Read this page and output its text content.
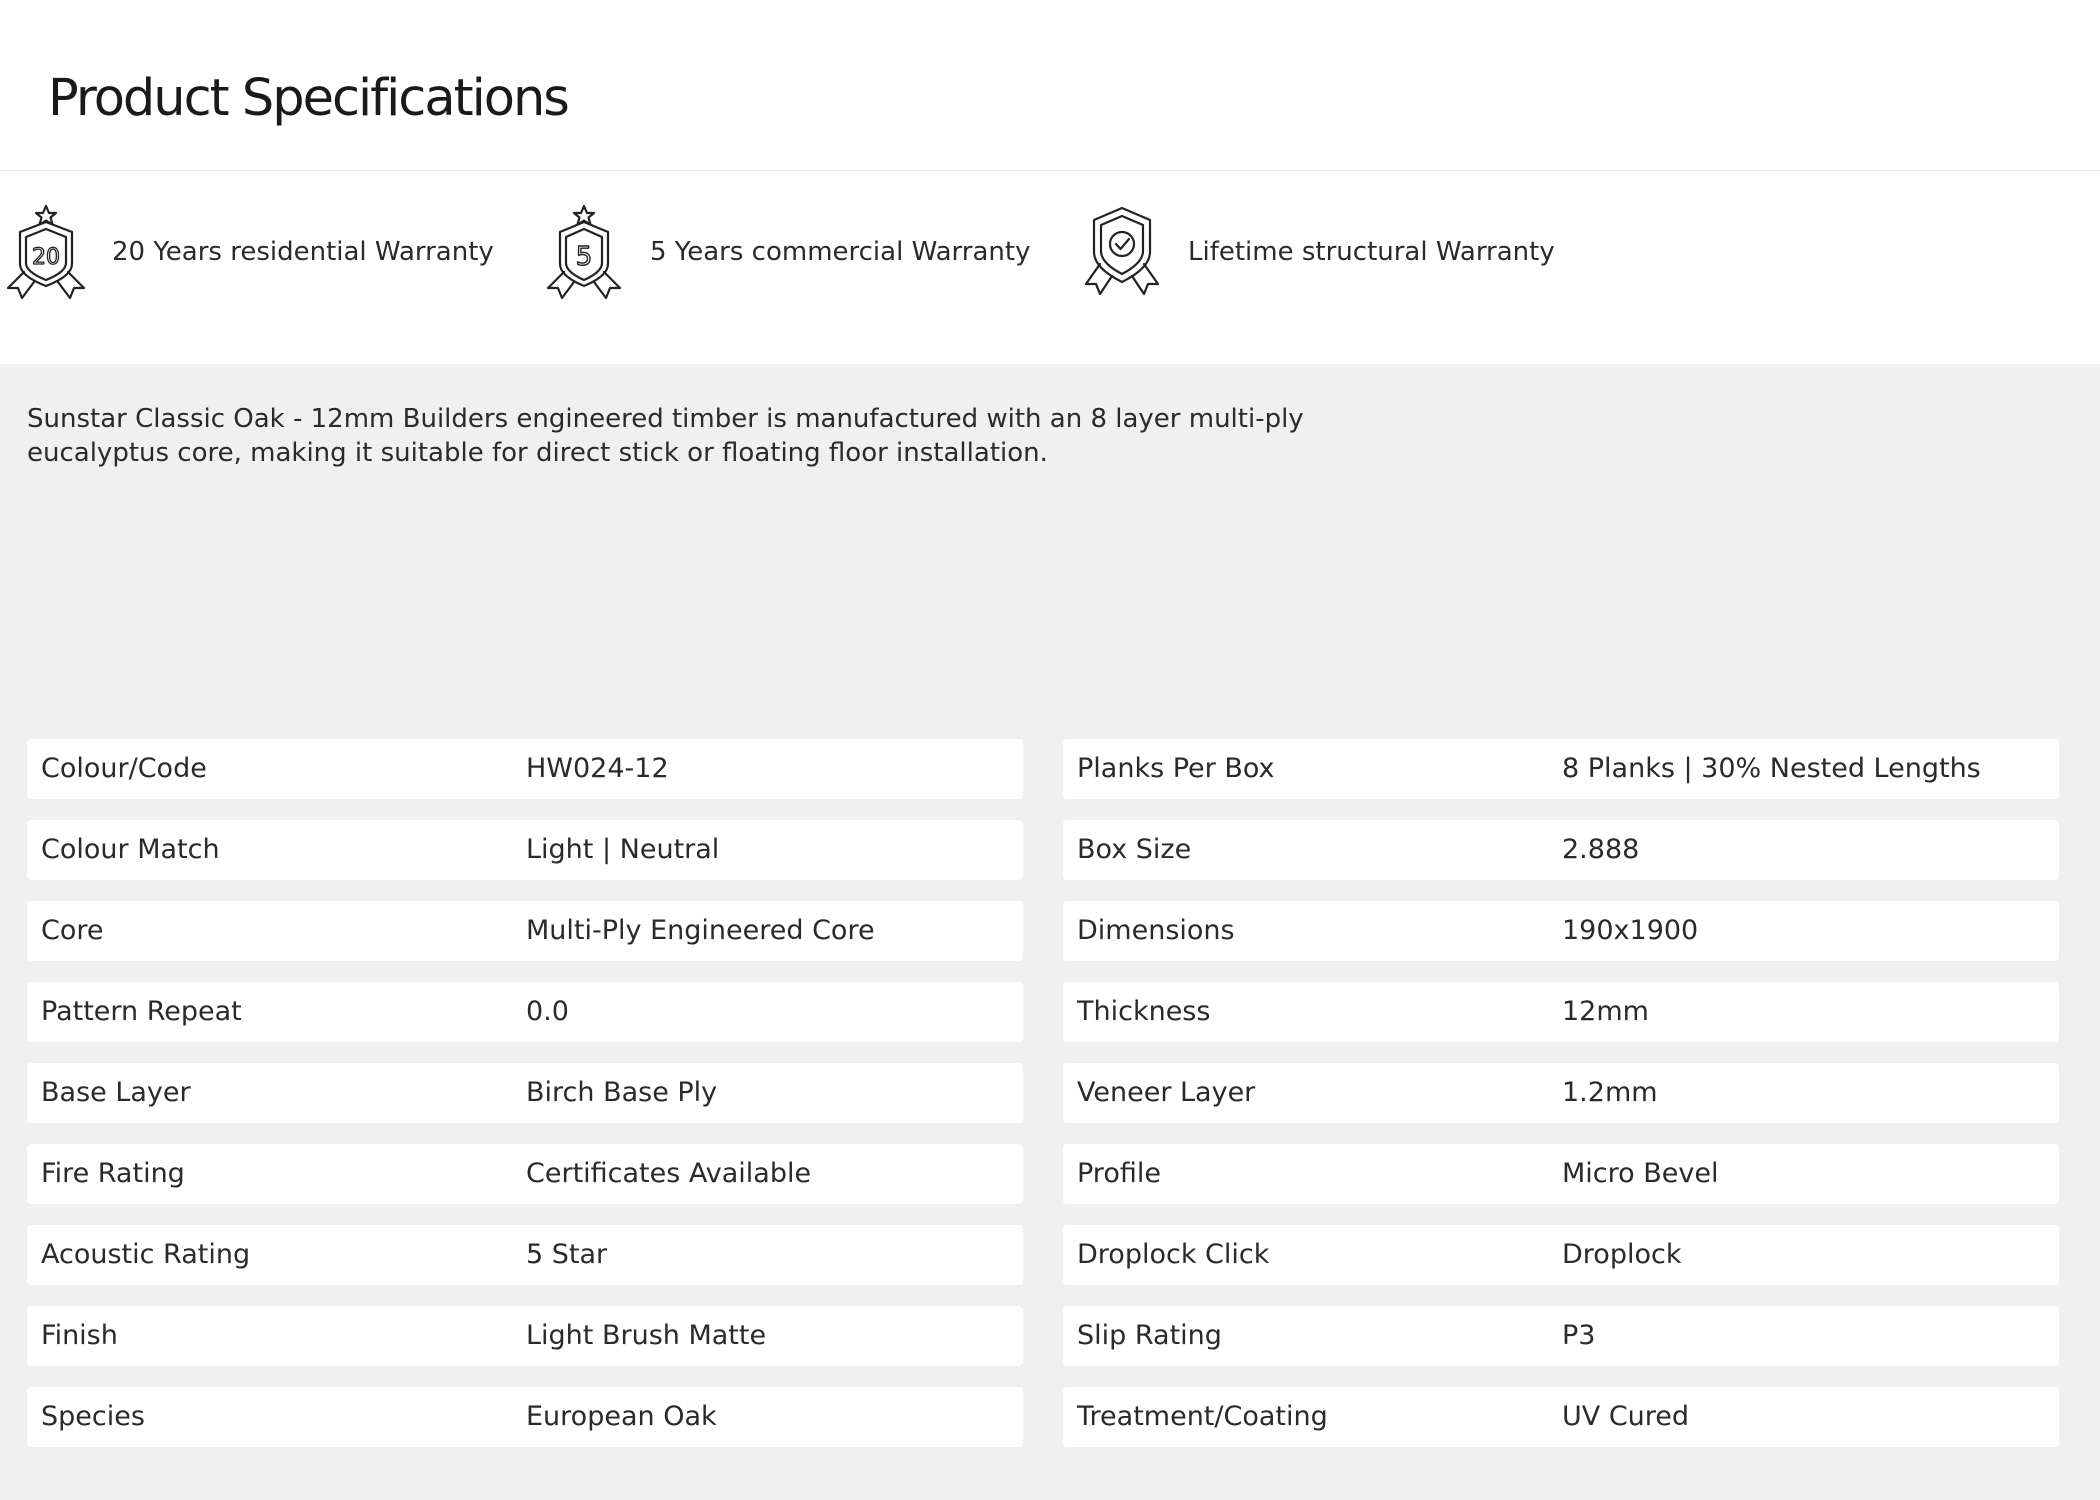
Product Specifications
20 20 Years residential Warranty	5 5 Years commercial Warranty	Lifetime structural Warranty

Sunstar Classic Oak - 12mm Builders engineered timber is manufactured with an 8 layer multi-ply eucalyptus core, making it suitable for direct stick or floating floor installation.

Colour/Code	HW024-12
Colour Match	Light | Neutral
Core	Multi-Ply Engineered Core
Pattern Repeat	0.0
Base Layer	Birch Base Ply
Fire Rating	Certificates Available
Acoustic Rating	5 Star
Finish	Light Brush Matte
Species	European Oak
Planks Per Box	8 Planks | 30% Nested Lengths
Box Size	2.888
Dimensions	190x1900
Thickness	12mm
Veneer Layer	1.2mm
Profile	Micro Bevel
Droplock Click	Droplock
Slip Rating	P3
Treatment/Coating	UV Cured
